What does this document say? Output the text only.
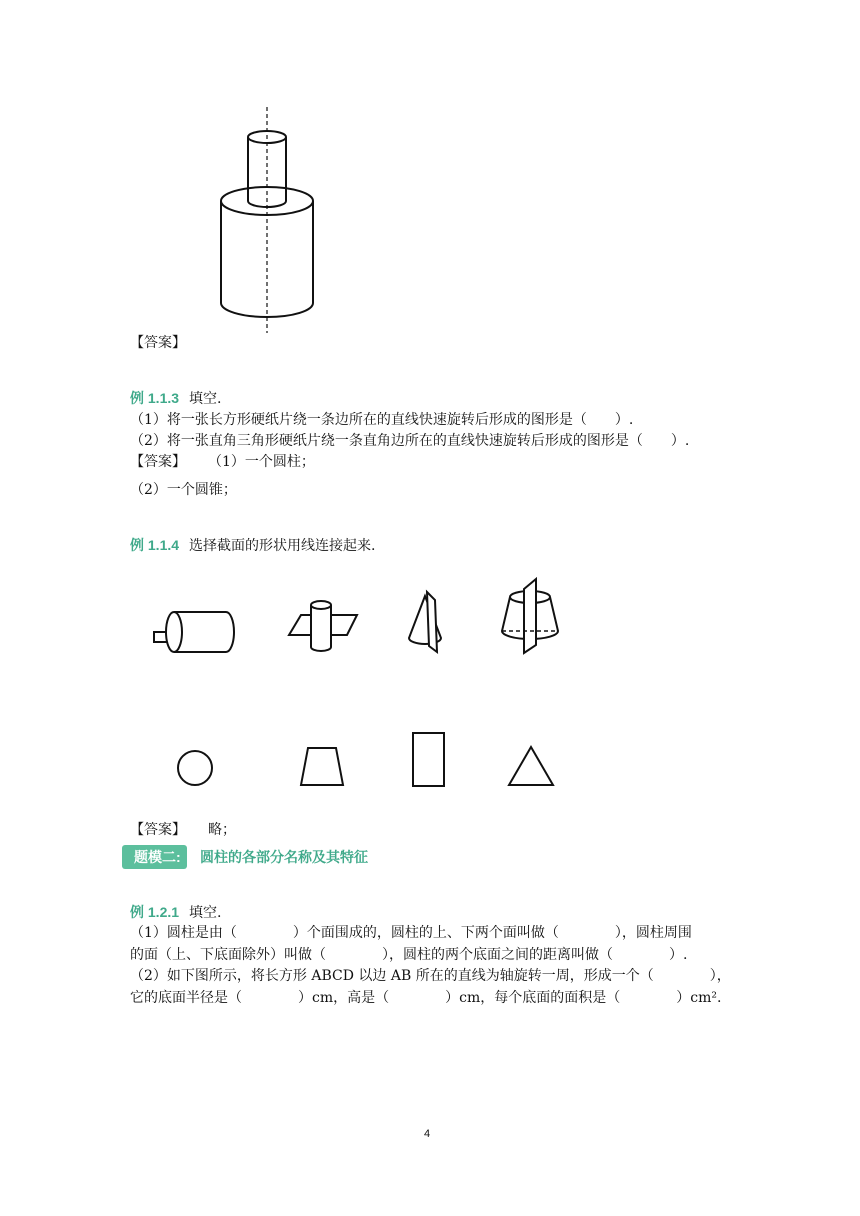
【答案】
例 1.1.3 填空.
（1）将一张长方形硬纸片绕一条边所在的直线快速旋转后形成的图形是（　　）.
（2）将一张直角三角形硬纸片绕一条直角边所在的直线快速旋转后形成的图形是（　　）.
【答案】 （1）一个圆柱；
（2）一个圆锥；
例 1.1.4 选择截面的形状用线连接起来.
【答案】 略；
题模二:	圆柱的各部分名称及其特征
例 1.2.1 填空.
（1）圆柱是由（　　　　）个面围成的，圆柱的上、下两个面叫做（　　　　），圆柱周围
的面（上、下底面除外）叫做（　　　　），圆柱的两个底面之间的距离叫做（　　　　）.
（2）如下图所示，将长方形 ABCD 以边 AB 所在的直线为轴旋转一周，形成一个（　　　　），
它的底面半径是（　　　　）cm，高是（　　　　）cm，每个底面的面积是（　　　　）cm².
4
